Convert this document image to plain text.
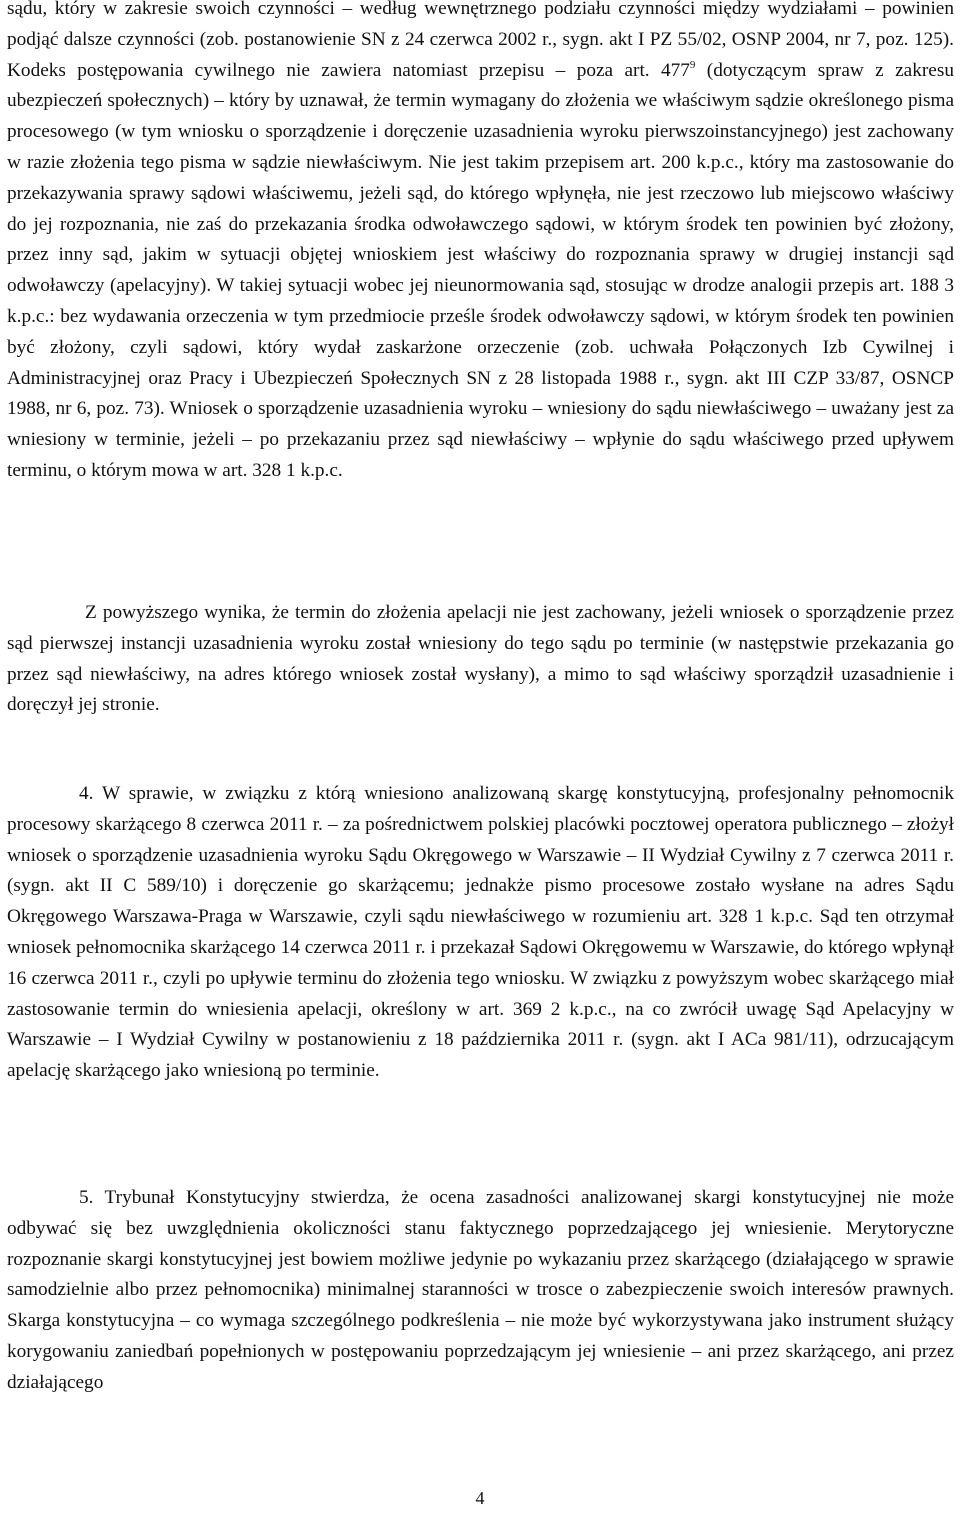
sądu, który w zakresie swoich czynności – według wewnętrznego podziału czynności między wydziałami – powinien podjąć dalsze czynności (zob. postanowienie SN z 24 czerwca 2002 r., sygn. akt I PZ 55/02, OSNP 2004, nr 7, poz. 125). Kodeks postępowania cywilnego nie zawiera natomiast przepisu – poza art. $477^9$ (dotyczącym spraw z zakresu ubezpieczeń społecznych) – który by uznawał, że termin wymagany do złożenia we właściwym sądzie określonego pisma procesowego (w tym wniosku o sporządzenie i doręczenie uzasadnienia wyroku pierwszoinstancyjnego) jest zachowany w razie złożenia tego pisma w sądzie niewłaściwym. Nie jest takim przepisem art. 200 k.p.c., który ma zastosowanie do przekazywania sprawy sądowi właściwemu, jeżeli sąd, do którego wpłynęła, nie jest rzeczowo lub miejscowo właściwy do jej rozpoznania, nie zaś do przekazania środka odwoławczego sądowi, w którym środek ten powinien być złożony, przez inny sąd, jakim w sytuacji objętej wnioskiem jest właściwy do rozpoznania sprawy w drugiej instancji sąd odwoławczy (apelacyjny). W takiej sytuacji wobec jej nieunormowania sąd, stosując w drodze analogii przepis art. 188 3 k.p.c.: bez wydawania orzeczenia w tym przedmiocie prześle środek odwoławczy sądowi, w którym środek ten powinien być złożony, czyli sądowi, który wydał zaskarżone orzeczenie (zob. uchwała Połączonych Izb Cywilnej i Administracyjnej oraz Pracy i Ubezpieczeń Społecznych SN z 28 listopada 1988 r., sygn. akt III CZP 33/87, OSNCP 1988, nr 6, poz. 73). Wniosek o sporządzenie uzasadnienia wyroku – wniesiony do sądu niewłaściwego – uważany jest za wniesiony w terminie, jeżeli – po przekazaniu przez sąd niewłaściwy – wpłynie do sądu właściwego przed upływem terminu, o którym mowa w art. 328 1 k.p.c.

Z powyższego wynika, że termin do złożenia apelacji nie jest zachowany, jeżeli wniosek o sporządzenie przez sąd pierwszej instancji uzasadnienia wyroku został wniesiony do tego sądu po terminie (w następstwie przekazania go przez sąd niewłaściwy, na adres którego wniosek został wysłany), a mimo to sąd właściwy sporządził uzasadnienie i doręczył jej stronie.

4. W sprawie, w związku z którą wniesiono analizowaną skargę konstytucyjną, profesjonalny pełnomocnik procesowy skarżącego 8 czerwca 2011 r. – za pośrednictwem polskiej placówki pocztowej operatora publicznego – złożył wniosek o sporządzenie uzasadnienia wyroku Sądu Okręgowego w Warszawie – II Wydział Cywilny z 7 czerwca 2011 r. (sygn. akt II C 589/10) i doręczenie go skarżącemu; jednakże pismo procesowe zostało wysłane na adres Sądu Okręgowego Warszawa-Praga w Warszawie, czyli sądu niewłaściwego w rozumieniu art. 328 1 k.p.c. Sąd ten otrzymał wniosek pełnomocnika skarżącego 14 czerwca 2011 r. i przekazał Sądowi Okręgowemu w Warszawie, do którego wpłynął 16 czerwca 2011 r., czyli po upływie terminu do złożenia tego wniosku. W związku z powyższym wobec skarżącego miał zastosowanie termin do wniesienia apelacji, określony w art. 369 2 k.p.c., na co zwrócił uwagę Sąd Apelacyjny w Warszawie – I Wydział Cywilny w postanowieniu z 18 października 2011 r. (sygn. akt I ACa 981/11), odrzucającym apelację skarżącego jako wniesioną po terminie.

5. Trybunał Konstytucyjny stwierdza, że ocena zasadności analizowanej skargi konstytucyjnej nie może odbywać się bez uwzględnienia okoliczności stanu faktycznego poprzedzającego jej wniesienie. Merytoryczne rozpoznanie skargi konstytucyjnej jest bowiem możliwe jedynie po wykazaniu przez skarżącego (działającego w sprawie samodzielnie albo przez pełnomocnika) minimalnej staranności w trosce o zabezpieczenie swoich interesów prawnych. Skarga konstytucyjna – co wymaga szczególnego podkreślenia – nie może być wykorzystywana jako instrument służący korygowaniu zaniedbań popełnionych w postępowaniu poprzedzającym jej wniesienie – ani przez skarżącego, ani przez działającego

4
